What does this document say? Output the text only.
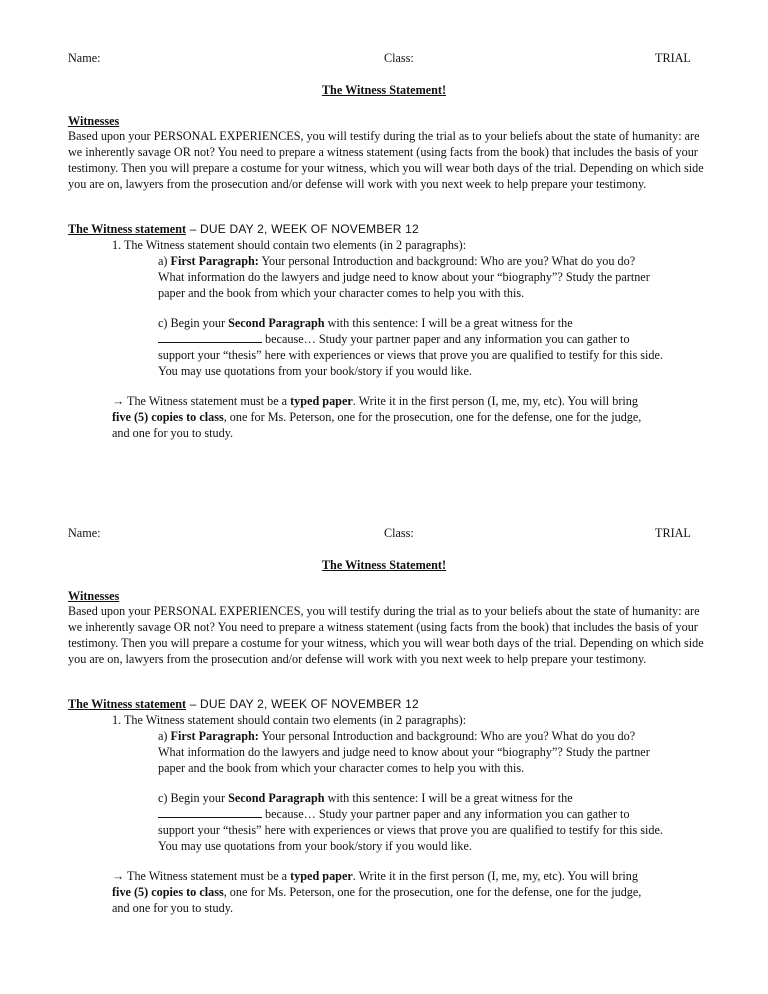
Name:	Class:	TRIAL
The Witness Statement!
Witnesses
Based upon your PERSONAL EXPERIENCES, you will testify during the trial as to your beliefs about the state of humanity: are we inherently savage OR not? You need to prepare a witness statement (using facts from the book) that includes the basis of your testimony. Then you will prepare a costume for your witness, which you will wear both days of the trial. Depending on which side you are on, lawyers from the prosecution and/or defense will work with you next week to help prepare your testimony.
The Witness statement – DUE DAY 2, WEEK OF NOVEMBER 12
1. The Witness statement should contain two elements (in 2 paragraphs):
a) First Paragraph: Your personal Introduction and background: Who are you? What do you do? What information do the lawyers and judge need to know about your “biography”? Study the partner paper and the book from which your character comes to help you with this.
c) Begin your Second Paragraph with this sentence: I will be a great witness for the  because… Study your partner paper and any information you can gather to support your “thesis” here with experiences or views that prove you are qualified to testify for this side. You may use quotations from your book/story if you would like.
→ The Witness statement must be a typed paper. Write it in the first person (I, me, my, etc). You will bring five (5) copies to class, one for Ms. Peterson, one for the prosecution, one for the defense, one for the judge, and one for you to study.
Name:	Class:	TRIAL
The Witness Statement!
Witnesses
Based upon your PERSONAL EXPERIENCES, you will testify during the trial as to your beliefs about the state of humanity: are we inherently savage OR not? You need to prepare a witness statement (using facts from the book) that includes the basis of your testimony. Then you will prepare a costume for your witness, which you will wear both days of the trial. Depending on which side you are on, lawyers from the prosecution and/or defense will work with you next week to help prepare your testimony.
The Witness statement – DUE DAY 2, WEEK OF NOVEMBER 12
1. The Witness statement should contain two elements (in 2 paragraphs):
a) First Paragraph: Your personal Introduction and background: Who are you? What do you do? What information do the lawyers and judge need to know about your “biography”? Study the partner paper and the book from which your character comes to help you with this.
c) Begin your Second Paragraph with this sentence: I will be a great witness for the  because… Study your partner paper and any information you can gather to support your “thesis” here with experiences or views that prove you are qualified to testify for this side. You may use quotations from your book/story if you would like.
→ The Witness statement must be a typed paper. Write it in the first person (I, me, my, etc). You will bring five (5) copies to class, one for Ms. Peterson, one for the prosecution, one for the defense, one for the judge, and one for you to study.
